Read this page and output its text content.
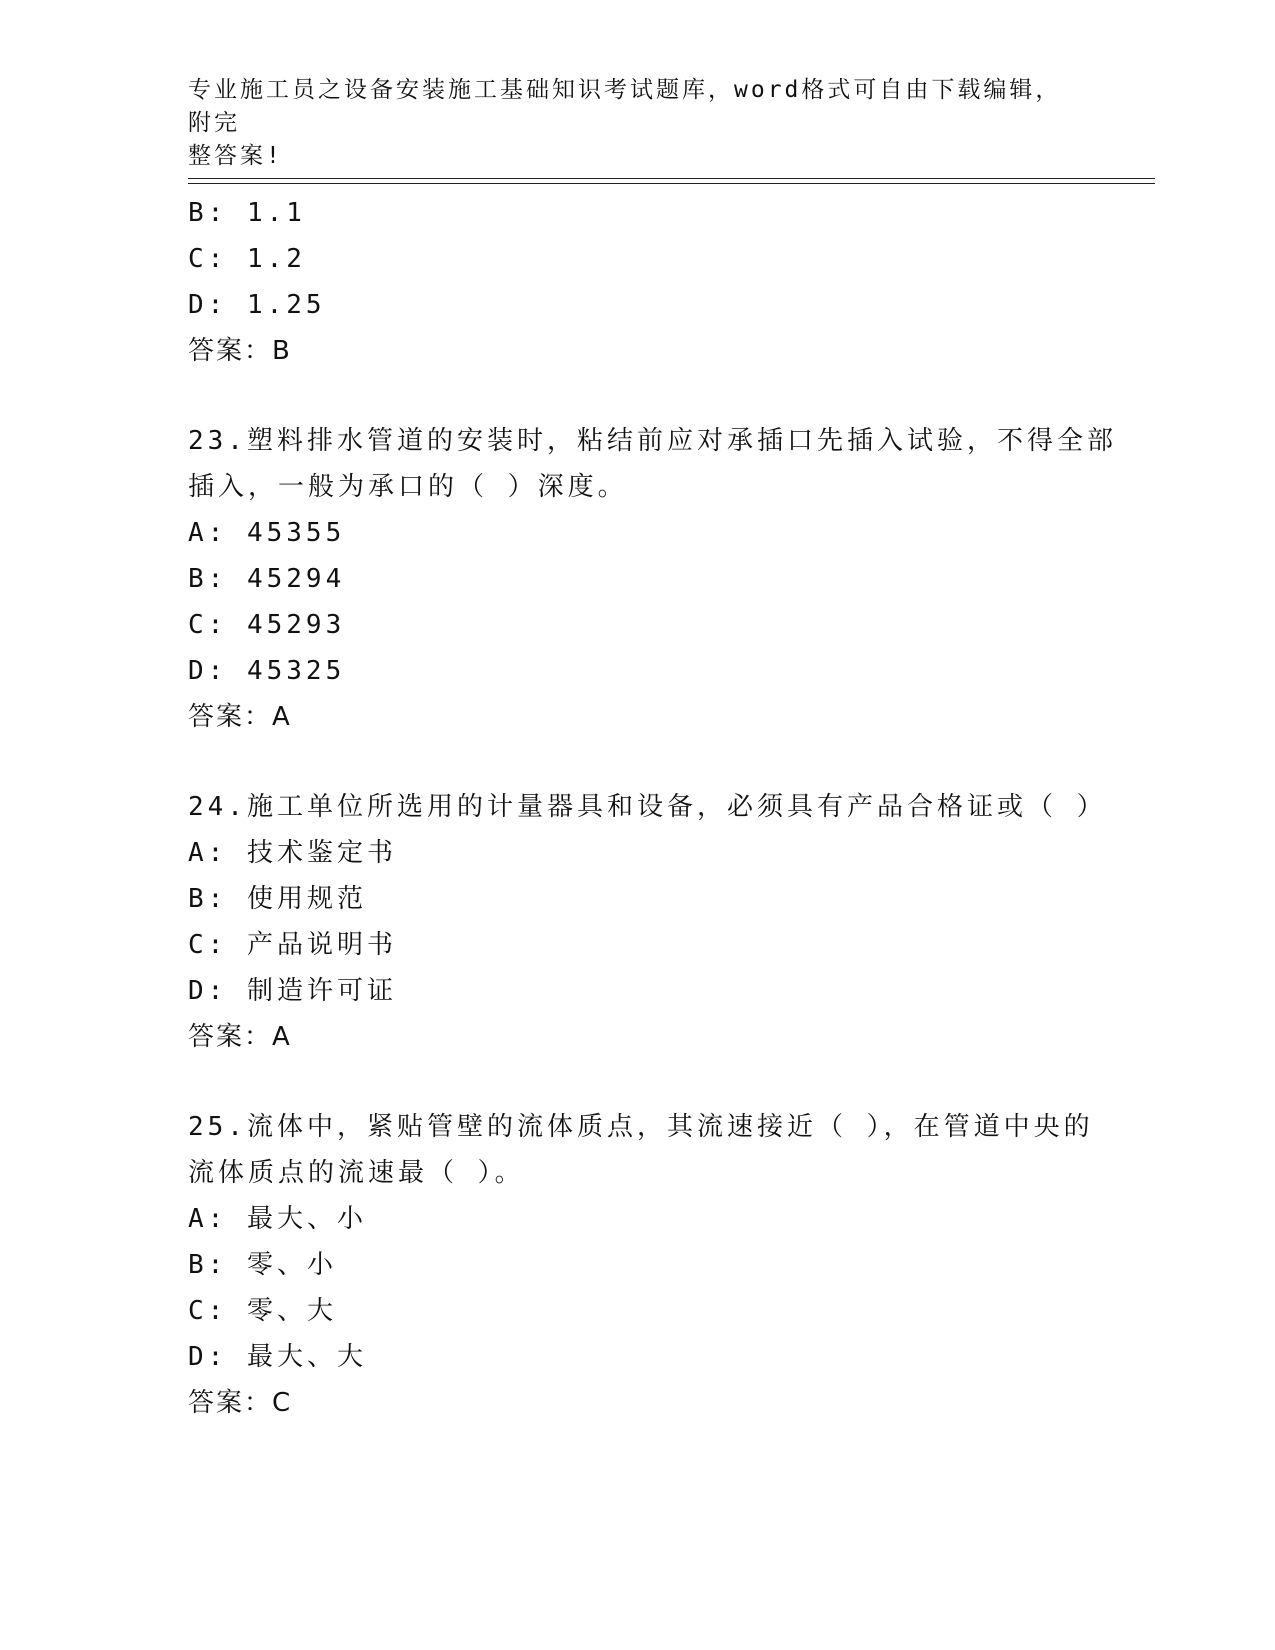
专业施工员之设备安装施工基础知识考试题库，word格式可自由下载编辑，附完
整答案!
B: 1.1
C: 1.2
D: 1.25
答案：B
23.塑料排水管道的安装时，粘结前应对承插口先插入试验，不得全部
插入，一般为承口的（ ）深度。
A: 45355
B: 45294
C: 45293
D: 45325
答案：A
24.施工单位所选用的计量器具和设备，必须具有产品合格证或（ ）
A: 技术鉴定书
B: 使用规范
C: 产品说明书
D: 制造许可证
答案：A
25.流体中，紧贴管壁的流体质点，其流速接近（ ），在管道中央的
流体质点的流速最（ ）。
A: 最大、小
B: 零、小
C: 零、大
D: 最大、大
答案：C
